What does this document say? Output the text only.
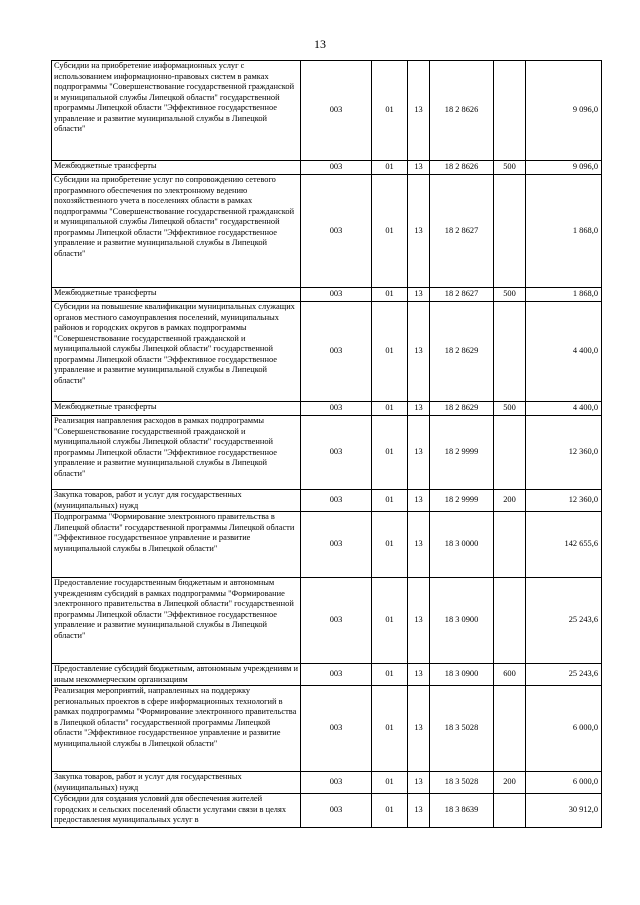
13
Субсидии на приобретение информационных услуг с использованием информационно-правовых систем в рамках подпрограммы "Совершенствование государственной гражданской и муниципальной службы Липецкой области" государственной программы Липецкой области "Эффективное государственное управление и развитие муниципальной службы в Липецкой области"	003	01	13	18 2 8626		9 096,0
Межбюджетные трансферты	003	01	13	18 2 8626	500	9 096,0
Субсидии на приобретение услуг по сопровождению сетевого программного обеспечения по электронному ведению похозяйственного учета в поселениях области в рамках подпрограммы "Совершенствование государственной гражданской и муниципальной службы Липецкой области" государственной программы Липецкой области "Эффективное государственное управление и развитие муниципальной службы в Липецкой области"	003	01	13	18 2 8627		1 868,0
Межбюджетные трансферты	003	01	13	18 2 8627	500	1 868,0
Субсидии на повышение квалификации муниципальных служащих органов местного самоуправления поселений, муниципальных районов и городских округов в рамках подпрограммы "Совершенствование государственной гражданской и муниципальной службы Липецкой области" государственной программы Липецкой области "Эффективное государственное управление и развитие муниципальной службы в Липецкой области"	003	01	13	18 2 8629		4 400,0
Межбюджетные трансферты	003	01	13	18 2 8629	500	4 400,0
Реализация направления расходов в рамках подпрограммы "Совершенствование государственной гражданской и муниципальной службы Липецкой области" государственной программы Липецкой области "Эффективное государственное управление и развитие муниципальной службы в Липецкой области"	003	01	13	18 2 9999		12 360,0
Закупка товаров, работ и услуг для государственных (муниципальных) нужд	003	01	13	18 2 9999	200	12 360,0
Подпрограмма "Формирование электронного правительства в Липецкой области" государственной программы Липецкой области "Эффективное государственное управление и развитие муниципальной службы в Липецкой области"	003	01	13	18 3 0000		142 655,6
Предоставление государственным бюджетным и автономным учреждениям субсидий в рамках подпрограммы "Формирование электронного правительства в Липецкой области" государственной программы Липецкой области "Эффективное государственное управление и развитие муниципальной службы в Липецкой области"	003	01	13	18 3 0900		25 243,6
Предоставление субсидий бюджетным, автономным учреждениям и иным некоммерческим организациям	003	01	13	18 3 0900	600	25 243,6
Реализация мероприятий, направленных на поддержку региональных проектов в сфере информационных технологий в рамках подпрограммы "Формирование электронного правительства в Липецкой области" государственной программы Липецкой области "Эффективное государственное управление и развитие муниципальной службы в Липецкой области"	003	01	13	18 3 5028		6 000,0
Закупка товаров, работ и услуг для государственных (муниципальных) нужд	003	01	13	18 3 5028	200	6 000,0
Субсидии для создания условий для обеспечения жителей городских и сельских поселений области услугами связи в целях предоставления муниципальных услуг в	003	01	13	18 3 8639		30 912,0
